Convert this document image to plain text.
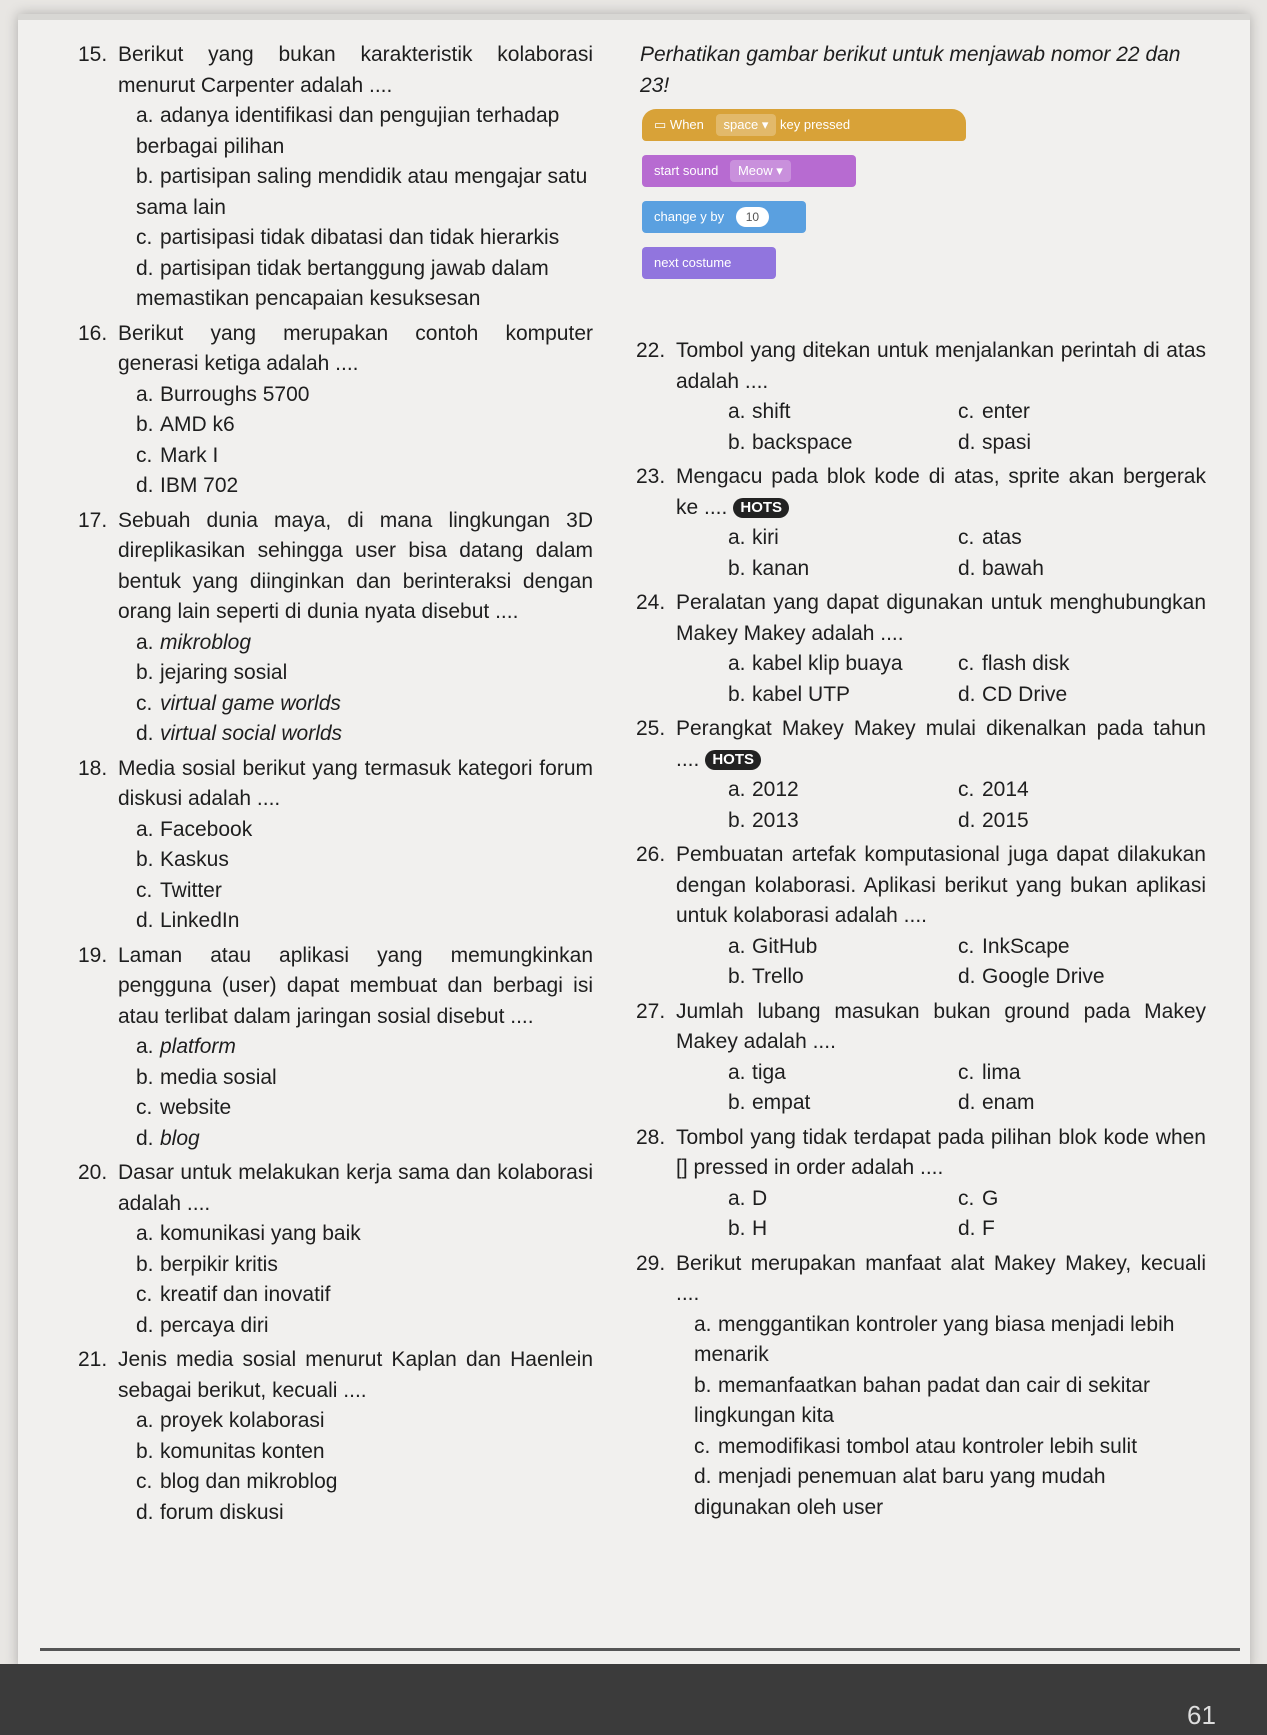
15. Berikut yang bukan karakteristik kolaborasi menurut Carpenter adalah ....
a. adanya identifikasi dan pengujian terhadap berbagai pilihan
b. partisipan saling mendidik atau mengajar satu sama lain
c. partisipasi tidak dibatasi dan tidak hierarkis
d. partisipan tidak bertanggung jawab dalam memastikan pencapaian kesuksesan
16. Berikut yang merupakan contoh komputer generasi ketiga adalah ....
a. Burroughs 5700
b. AMD k6
c. Mark I
d. IBM 702
17. Sebuah dunia maya, di mana lingkungan 3D direplikasikan sehingga user bisa datang dalam bentuk yang diinginkan dan berinteraksi dengan orang lain seperti di dunia nyata disebut ....
a. mikroblog
b. jejaring sosial
c. virtual game worlds
d. virtual social worlds
18. Media sosial berikut yang termasuk kategori forum diskusi adalah ....
a. Facebook
b. Kaskus
c. Twitter
d. LinkedIn
19. Laman atau aplikasi yang memungkinkan pengguna (user) dapat membuat dan berbagi isi atau terlibat dalam jaringan sosial disebut ....
a. platform
b. media sosial
c. website
d. blog
20. Dasar untuk melakukan kerja sama dan kolaborasi adalah ....
a. komunikasi yang baik
b. berpikir kritis
c. kreatif dan inovatif
d. percaya diri
21. Jenis media sosial menurut Kaplan dan Haenlein sebagai berikut, kecuali ....
a. proyek kolaborasi
b. komunitas konten
c. blog dan mikroblog
d. forum diskusi
Perhatikan gambar berikut untuk menjawab nomor 22 dan 23!
▭ When space ▾ key pressed
start sound Meow ▾
change y by 10
next costume
22. Tombol yang ditekan untuk menjalankan perintah di atas adalah ....
a. shift	c. enter
b. backspace	d. spasi
23. Mengacu pada blok kode di atas, sprite akan bergerak ke .... HOTS
a. kiri	c. atas
b. kanan	d. bawah
24. Peralatan yang dapat digunakan untuk menghubungkan Makey Makey adalah ....
a. kabel klip buaya	c. flash disk
b. kabel UTP	d. CD Drive
25. Perangkat Makey Makey mulai dikenalkan pada tahun .... HOTS
a. 2012	c. 2014
b. 2013	d. 2015
26. Pembuatan artefak komputasional juga dapat dilakukan dengan kolaborasi. Aplikasi berikut yang bukan aplikasi untuk kolaborasi adalah ....
a. GitHub	c. InkScape
b. Trello	d. Google Drive
27. Jumlah lubang masukan bukan ground pada Makey Makey adalah ....
a. tiga	c. lima
b. empat	d. enam
28. Tombol yang tidak terdapat pada pilihan blok kode when [] pressed in order adalah ....
a. D	c. G
b. H	d. F
29. Berikut merupakan manfaat alat Makey Makey, kecuali ....
a. menggantikan kontroler yang biasa menjadi lebih menarik
b. memanfaatkan bahan padat dan cair di sekitar lingkungan kita
c. memodifikasi tombol atau kontroler lebih sulit
d. menjadi penemuan alat baru yang mudah digunakan oleh user
61
